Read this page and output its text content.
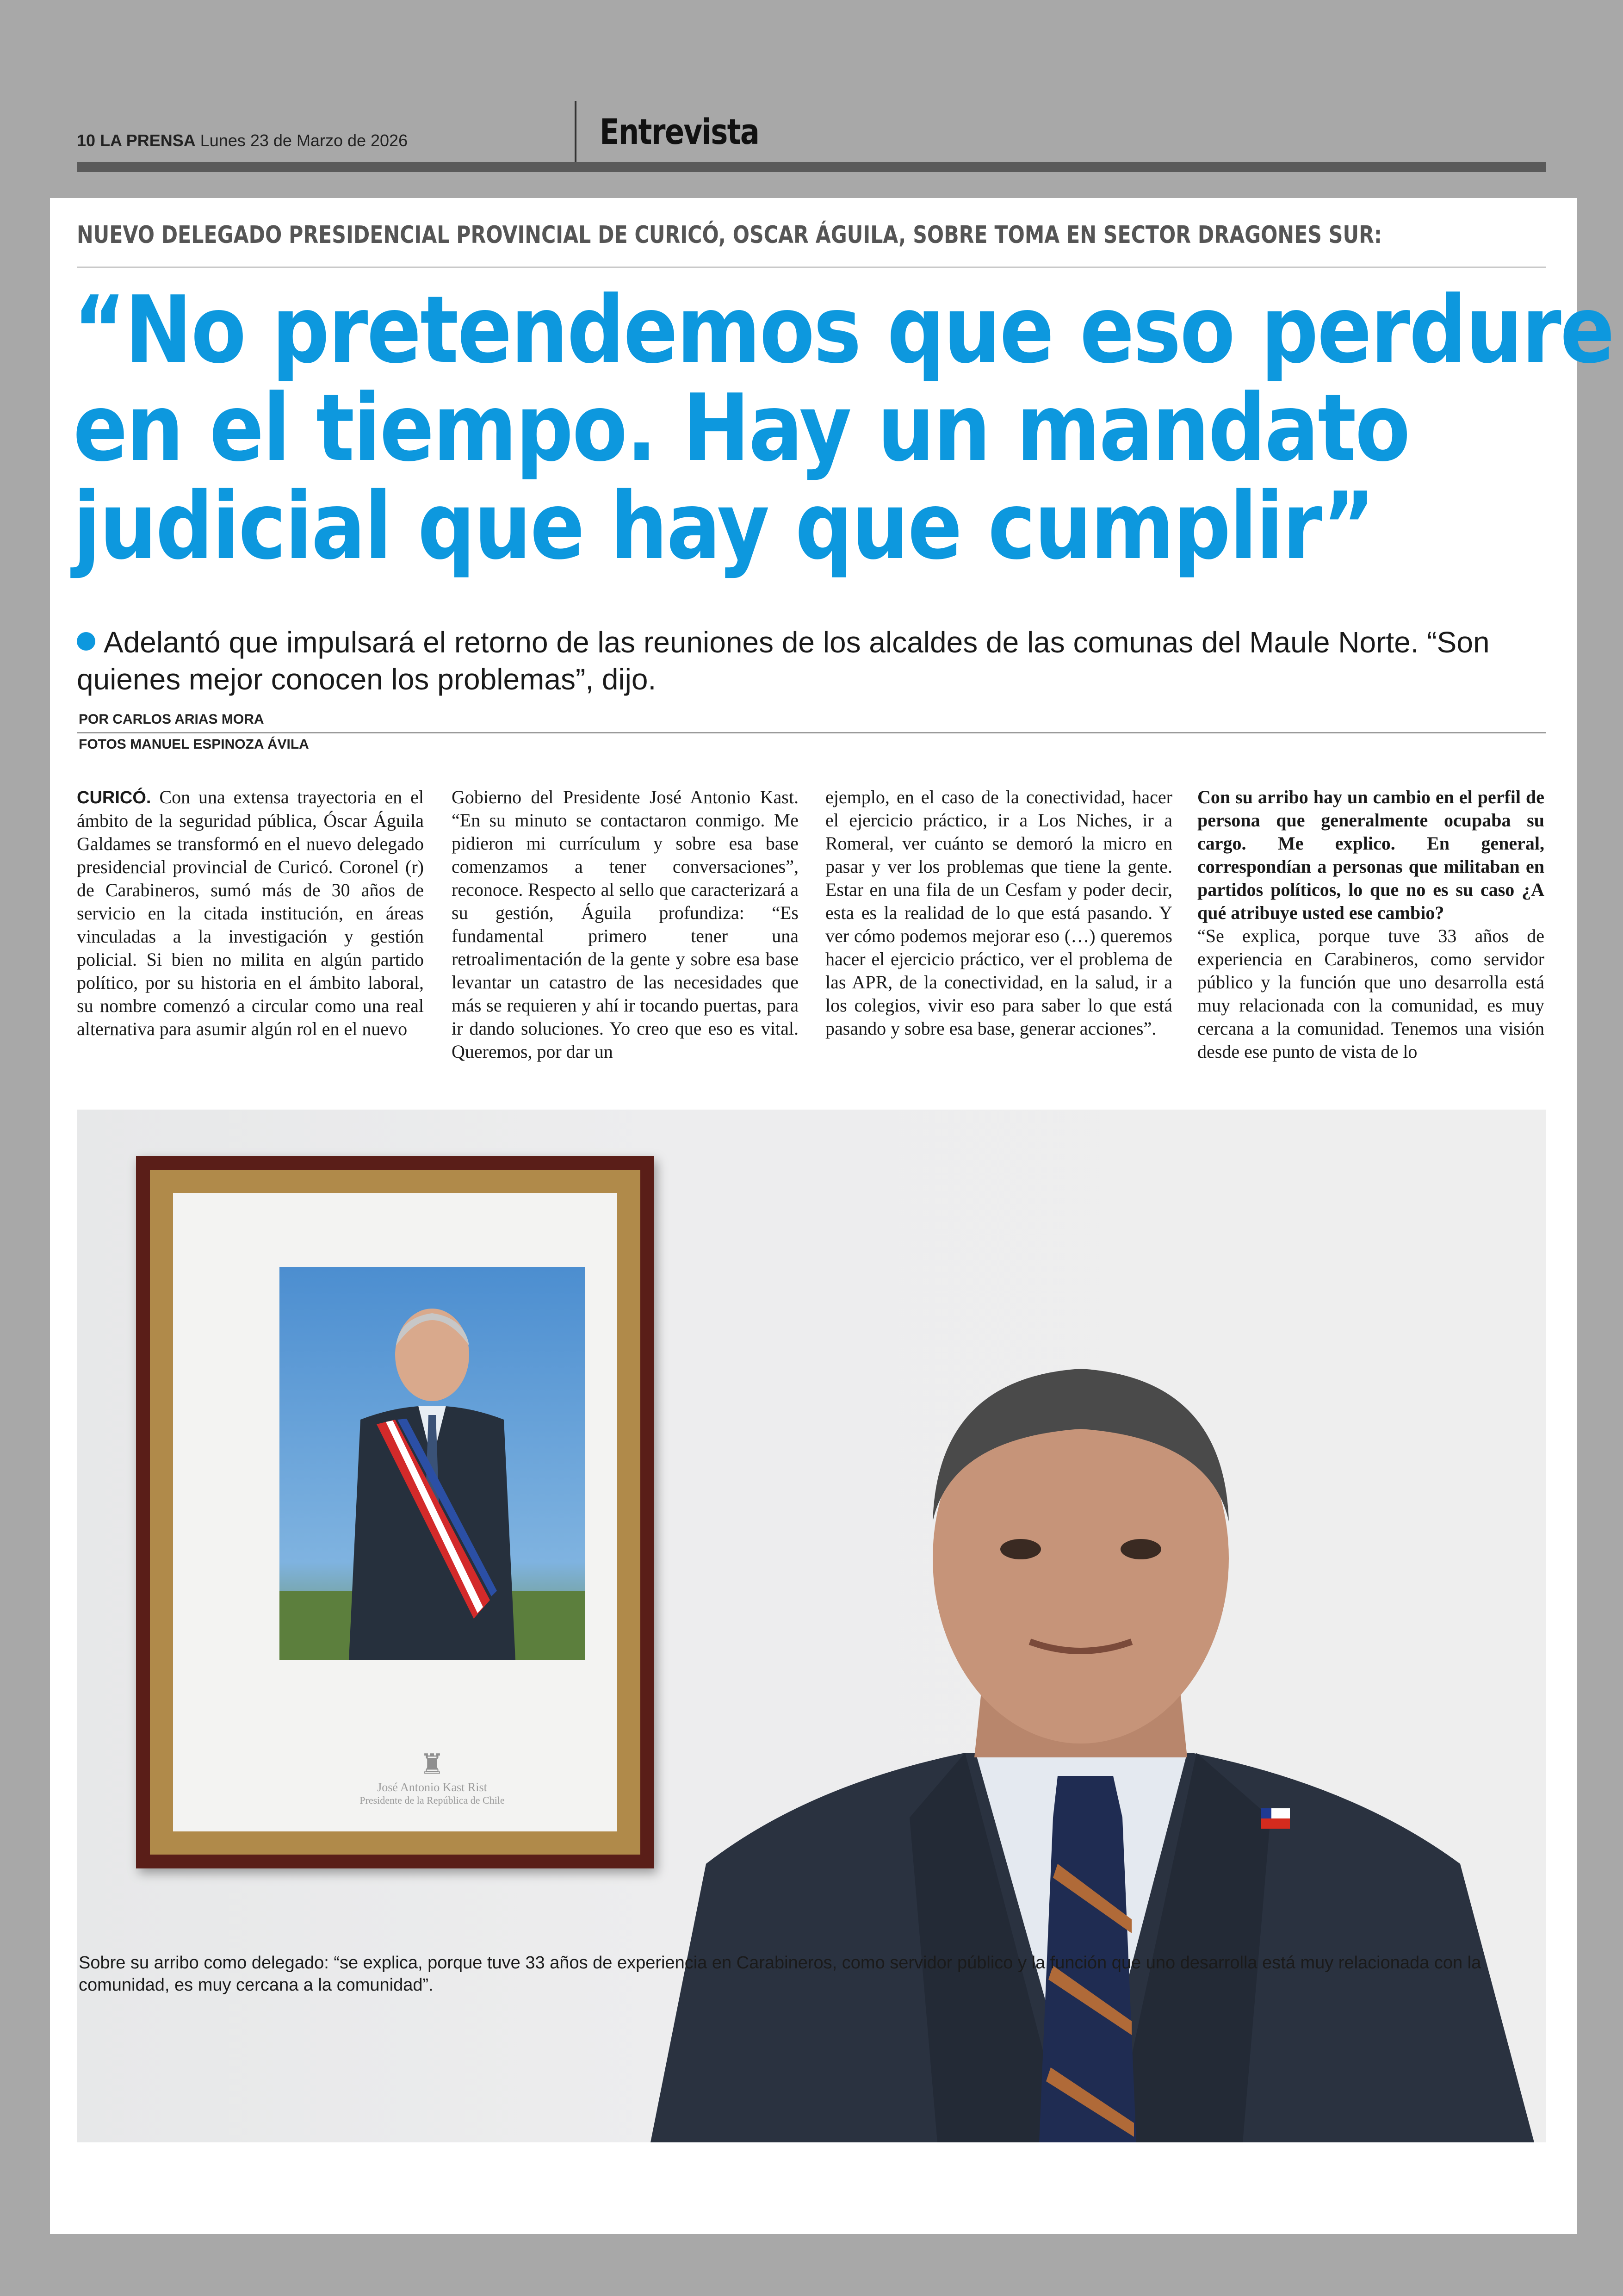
10 LA PRENSA Lunes 23 de Marzo de 2026	Entrevista
NUEVO DELEGADO PRESIDENCIAL PROVINCIAL DE CURICÓ, OSCAR ÁGUILA, SOBRE TOMA EN SECTOR DRAGONES SUR:
“No pretendemos que eso perdure
en el tiempo. Hay un mandato
judicial que hay que cumplir”
Adelantó que impulsará el retorno de las reuniones de los alcaldes de las comunas del Maule Norte. “Son quienes mejor conocen los problemas”, dijo.
POR CARLOS ARIAS MORA
FOTOS MANUEL ESPINOZA ÁVILA

CURICÓ. Con una extensa trayectoria en el ámbito de la seguridad pública, Óscar Águila Galdames se transformó en el nuevo delegado presidencial provincial de Curicó. Coronel (r) de Carabineros, sumó más de 30 años de servicio en la citada institución, en áreas vinculadas a la investigación y gestión policial. Si bien no milita en algún partido político, por su historia en el ámbito laboral, su nombre comenzó a circular como una real alternativa para asumir algún rol en el nuevo

Gobierno del Presidente José Antonio Kast. “En su minuto se contactaron conmigo. Me pidieron mi currículum y sobre esa base comenzamos a tener conversaciones”, reconoce. Respecto al sello que caracterizará a su gestión, Águila profundiza: “Es fundamental primero tener una retroalimentación de la gente y sobre esa base levantar un catastro de las necesidades que más se requieren y ahí ir tocando puertas, para ir dando soluciones. Yo creo que eso es vital. Queremos, por dar un

ejemplo, en el caso de la conectividad, hacer el ejercicio práctico, ir a Los Niches, ir a Romeral, ver cuánto se demoró la micro en pasar y ver los problemas que tiene la gente. Estar en una fila de un Cesfam y poder decir, esta es la realidad de lo que está pasando. Y ver cómo podemos mejorar eso (…) queremos hacer el ejercicio práctico, ver el problema de las APR, de la conectividad, en la salud, ir a los colegios, vivir eso para saber lo que está pasando y sobre esa base, generar acciones”.

Con su arribo hay un cambio en el perfil de persona que generalmente ocupaba su cargo. Me explico. En general, correspondían a personas que militaban en partidos políticos, lo que no es su caso ¿A qué atribuye usted ese cambio?

“Se explica, porque tuve 33 años de experiencia en Carabineros, como servidor público y la función que uno desarrolla está muy relacionada con la comunidad, es muy cercana a la comunidad. Tenemos una visión desde ese punto de vista de lo

♜
José Antonio Kast Rist
Presidente de la República de Chile
Sobre su arribo como delegado: “se explica, porque tuve 33 años de experiencia en Carabineros, como servidor público y la función que uno desarrolla está muy relacionada con la comunidad, es muy cercana a la comunidad”.
